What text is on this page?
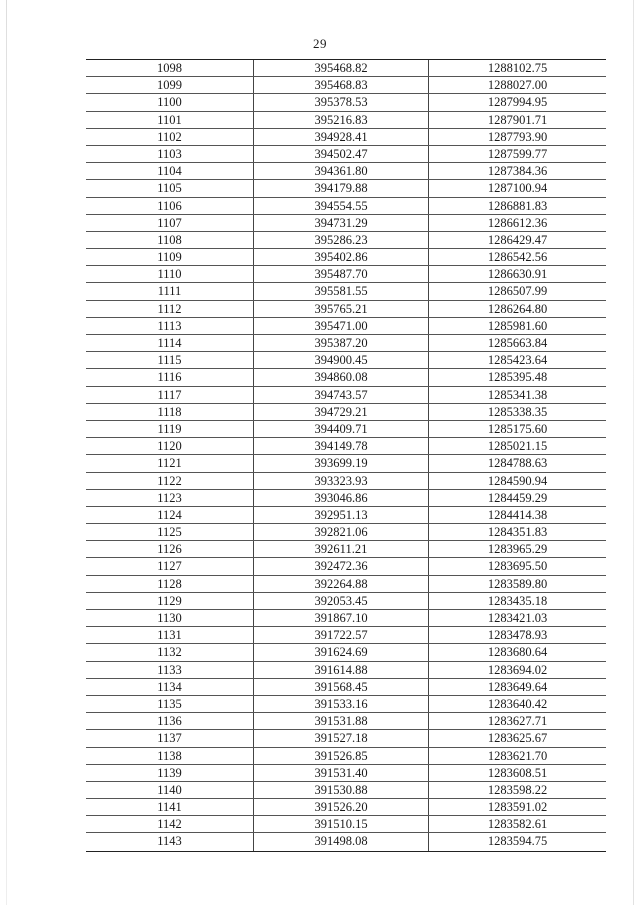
29
1098	395468.82	1288102.75
1099	395468.83	1288027.00
1100	395378.53	1287994.95
1101	395216.83	1287901.71
1102	394928.41	1287793.90
1103	394502.47	1287599.77
1104	394361.80	1287384.36
1105	394179.88	1287100.94
1106	394554.55	1286881.83
1107	394731.29	1286612.36
1108	395286.23	1286429.47
1109	395402.86	1286542.56
1110	395487.70	1286630.91
1111	395581.55	1286507.99
1112	395765.21	1286264.80
1113	395471.00	1285981.60
1114	395387.20	1285663.84
1115	394900.45	1285423.64
1116	394860.08	1285395.48
1117	394743.57	1285341.38
1118	394729.21	1285338.35
1119	394409.71	1285175.60
1120	394149.78	1285021.15
1121	393699.19	1284788.63
1122	393323.93	1284590.94
1123	393046.86	1284459.29
1124	392951.13	1284414.38
1125	392821.06	1284351.83
1126	392611.21	1283965.29
1127	392472.36	1283695.50
1128	392264.88	1283589.80
1129	392053.45	1283435.18
1130	391867.10	1283421.03
1131	391722.57	1283478.93
1132	391624.69	1283680.64
1133	391614.88	1283694.02
1134	391568.45	1283649.64
1135	391533.16	1283640.42
1136	391531.88	1283627.71
1137	391527.18	1283625.67
1138	391526.85	1283621.70
1139	391531.40	1283608.51
1140	391530.88	1283598.22
1141	391526.20	1283591.02
1142	391510.15	1283582.61
1143	391498.08	1283594.75
